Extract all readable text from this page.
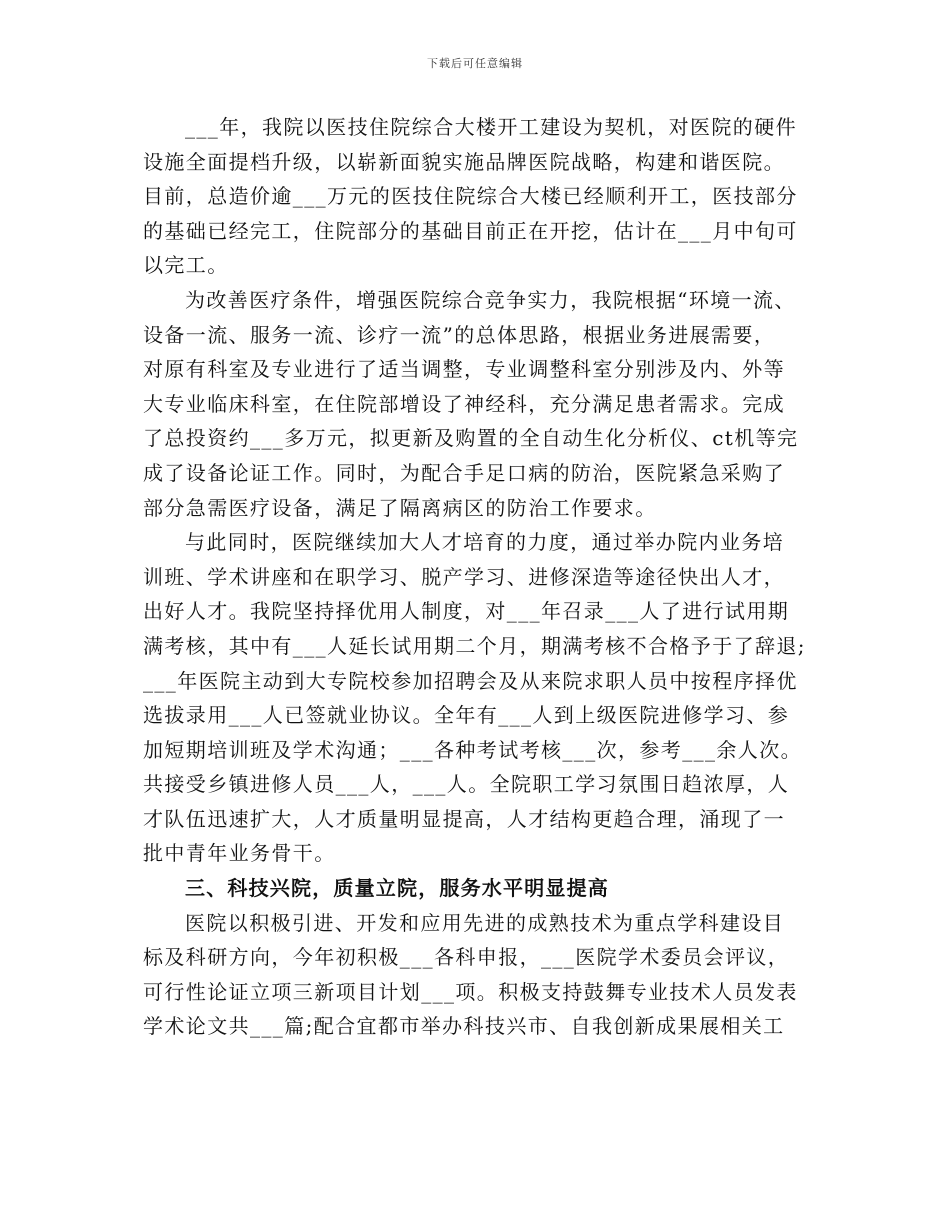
下载后可任意编辑
___年，我院以医技住院综合大楼开工建设为契机，对医院的硬件
设施全面提档升级，以崭新面貌实施品牌医院战略，构建和谐医院。
目前，总造价逾___万元的医技住院综合大楼已经顺利开工，医技部分
的基础已经完工，住院部分的基础目前正在开挖，估计在___月中旬可
以完工。
为改善医疗条件，增强医院综合竞争实力，我院根据“环境一流、
设备一流、服务一流、诊疗一流”的总体思路，根据业务进展需要，
对原有科室及专业进行了适当调整，专业调整科室分别涉及内、外等
大专业临床科室，在住院部增设了神经科，充分满足患者需求。完成
了总投资约___多万元，拟更新及购置的全自动生化分析仪、ct机等完
成了设备论证工作。同时，为配合手足口病的防治，医院紧急采购了
部分急需医疗设备，满足了隔离病区的防治工作要求。
与此同时，医院继续加大人才培育的力度，通过举办院内业务培
训班、学术讲座和在职学习、脱产学习、进修深造等途径快出人才，
出好人才。我院坚持择优用人制度，对___年召录___人了进行试用期
满考核，其中有___人延长试用期二个月，期满考核不合格予于了辞退;
___年医院主动到大专院校参加招聘会及从来院求职人员中按程序择优
选拔录用___人已签就业协议。全年有___人到上级医院进修学习、参
加短期培训班及学术沟通；___各种考试考核___次，参考___余人次。
共接受乡镇进修人员___人，___人。全院职工学习氛围日趋浓厚，人
才队伍迅速扩大，人才质量明显提高，人才结构更趋合理，涌现了一
批中青年业务骨干。
三、科技兴院，质量立院，服务水平明显提高
医院以积极引进、开发和应用先进的成熟技术为重点学科建设目
标及科研方向，今年初积极___各科申报，___医院学术委员会评议，
可行性论证立项三新项目计划___项。积极支持鼓舞专业技术人员发表
学术论文共___篇;配合宜都市举办科技兴市、自我创新成果展相关工
